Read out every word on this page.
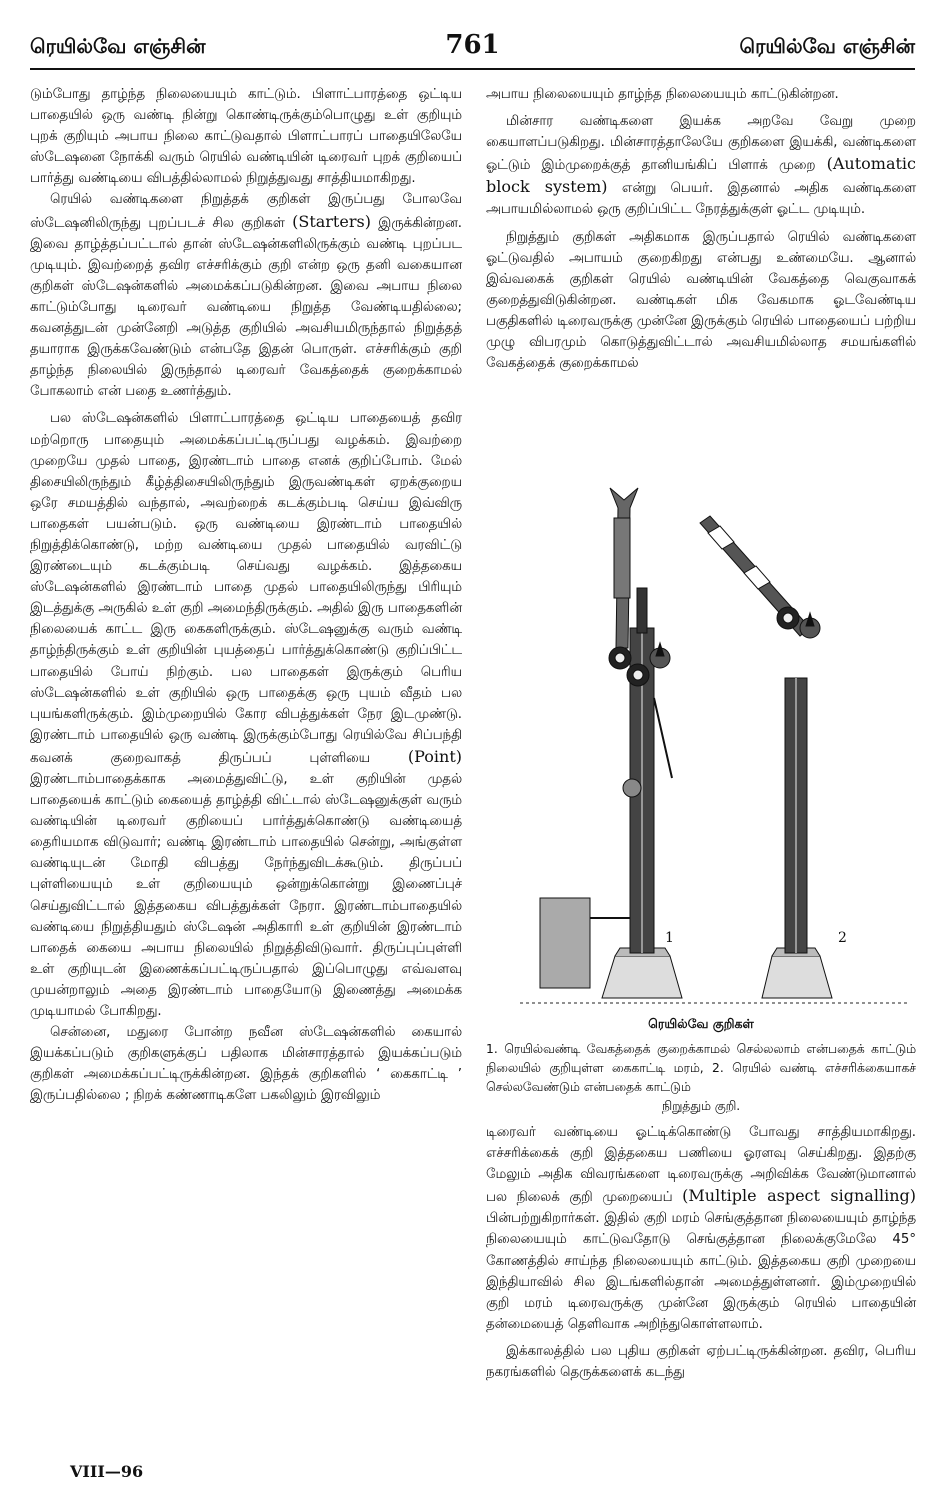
ரெயில்வே எஞ்சின்	761	ரெயில்வே எஞ்சின்

டும்போது தாழ்ந்த நிலையையும் காட்டும். பிளாட்பாரத்தை ஒட்டிய பாதையில் ஒரு வண்டி நின்று கொண்டிருக்கும்பொழுது உள் குறியும் புறக் குறியும் அபாய நிலை காட்டுவதால் பிளாட்பாரப் பாதையிலேயே ஸ்டேஷனை நோக்கி வரும் ரெயில் வண்டியின் டிரைவர் புறக் குறியைப் பார்த்து வண்டியை விபத்தில்லாமல் நிறுத்துவது சாத்தியமாகிறது.

ரெயில் வண்டிகளை நிறுத்தக் குறிகள் இருப்பது போலவே ஸ்டேஷனிலிருந்து புறப்படச் சில குறிகள் (Starters) இருக்கின்றன. இவை தாழ்த்தப்பட்டால் தான் ஸ்டேஷன்களிலிருக்கும் வண்டி புறப்பட முடியும். இவற்றைத் தவிர எச்சரிக்கும் குறி என்ற ஒரு தனி வகையான குறிகள் ஸ்டேஷன்களில் அமைக்கப்படுகின்றன. இவை அபாய நிலை காட்டும்போது டிரைவர் வண்டியை நிறுத்த வேண்டியதில்லை; கவனத்துடன் முன்னேறி அடுத்த குறியில் அவசியமிருந்தால் நிறுத்தத் தயாராக இருக்கவேண்டும் என்பதே இதன் பொருள். எச்சரிக்கும் குறி தாழ்ந்த நிலையில் இருந்தால் டிரைவர் வேகத்தைக் குறைக்காமல் போகலாம் என் பதை உணர்த்தும்.

பல ஸ்டேஷன்களில் பிளாட்பாரத்தை ஒட்டிய பாதையைத் தவிர மற்றொரு பாதையும் அமைக்கப்பட்டிருப்பது வழக்கம். இவற்றை முறையே முதல் பாதை, இரண்டாம் பாதை எனக் குறிப்போம். மேல் திசையிலிருந்தும் கீழ்த்திசையிலிருந்தும் இருவண்டிகள் ஏறக்குறைய ஒரே சமயத்தில் வந்தால், அவற்றைக் கடக்கும்படி செய்ய இவ்விரு பாதைகள் பயன்படும். ஒரு வண்டியை இரண்டாம் பாதையில் நிறுத்திக்கொண்டு, மற்ற வண்டியை முதல் பாதையில் வரவிட்டு இரண்டையும் கடக்கும்படி செய்வது வழக்கம். இத்தகைய ஸ்டேஷன்களில் இரண்டாம் பாதை முதல் பாதையிலிருந்து பிரியும் இடத்துக்கு அருகில் உள் குறி அமைந்திருக்கும். அதில் இரு பாதைகளின் நிலையைக் காட்ட இரு கைகளிருக்கும். ஸ்டேஷனுக்கு வரும் வண்டி தாழ்ந்திருக்கும் உள் குறியின் புயத்தைப் பார்த்துக்கொண்டு குறிப்பிட்ட பாதையில் போய் நிற்கும். பல பாதைகள் இருக்கும் பெரிய ஸ்டேஷன்களில் உள் குறியில் ஒரு பாதைக்கு ஒரு புயம் வீதம் பல புயங்களிருக்கும். இம்முறையில் கோர விபத்துக்கள் நேர இடமுண்டு. இரண்டாம் பாதையில் ஒரு வண்டி இருக்கும்போது ரெயில்வே சிப்பந்தி கவனக் குறைவாகத் திருப்பப் புள்ளியை (Point) இரண்டாம்பாதைக்காக அமைத்துவிட்டு, உள் குறியின் முதல் பாதையைக் காட்டும் கையைத் தாழ்த்தி விட்டால் ஸ்டேஷனுக்குள் வரும் வண்டியின் டிரைவர் குறியைப் பார்த்துக்கொண்டு வண்டியைத் தைரியமாக விடுவார்; வண்டி இரண்டாம் பாதையில் சென்று, அங்குள்ள வண்டியுடன் மோதி விபத்து நேர்ந்துவிடக்கூடும். திருப்பப் புள்ளியையும் உள் குறியையும் ஒன்றுக்கொன்று இணைப்புச் செய்துவிட்டால் இத்தகைய விபத்துக்கள் நேரா. இரண்டாம்பாதையில் வண்டியை நிறுத்தியதும் ஸ்டேஷன் அதிகாரி உள் குறியின் இரண்டாம் பாதைக் கையை அபாய நிலையில் நிறுத்திவிடுவார். திருப்புப்புள்ளி உள் குறியுடன் இணைக்கப்பட்டிருப்பதால் இப்பொழுது எவ்வளவு முயன்றாலும் அதை இரண்டாம் பாதையோடு இணைத்து அமைக்க முடியாமல் போகிறது.

சென்னை, மதுரை போன்ற நவீன ஸ்டேஷன்களில் கையால் இயக்கப்படும் குறிகளுக்குப் பதிலாக மின்சாரத்தால் இயக்கப்படும் குறிகள் அமைக்கப்பட்டிருக்கின்றன. இந்தக் குறிகளில் ‘ கைகாட்டி ’ இருப்பதில்லை ; நிறக் கண்ணாடிகளே பகலிலும் இரவிலும்

அபாய நிலையையும் தாழ்ந்த நிலையையும் காட்டுகின்றன.

மின்சார வண்டிகளை இயக்க அறவே வேறு முறை கையாளப்படுகிறது. மின்சாரத்தாலேயே குறிகளை இயக்கி, வண்டிகளை ஓட்டும் இம்முறைக்குத் தானியங்கிப் பிளாக் முறை (Automatic block system) என்று பெயர். இதனால் அதிக வண்டிகளை அபாயமில்லாமல் ஒரு குறிப்பிட்ட நேரத்துக்குள் ஓட்ட முடியும்.

நிறுத்தும் குறிகள் அதிகமாக இருப்பதால் ரெயில் வண்டிகளை ஓட்டுவதில் அபாயம் குறைகிறது என்பது உண்மையே. ஆனால் இவ்வகைக் குறிகள் ரெயில் வண்டியின் வேகத்தை வெகுவாகக் குறைத்துவிடுகின்றன. வண்டிகள் மிக வேகமாக ஓடவேண்டிய பகுதிகளில் டிரைவருக்கு முன்னே இருக்கும் ரெயில் பாதையைப் பற்றிய முழு விபரமும் கொடுத்துவிட்டால் அவசியமில்லாத சமயங்களில் வேகத்தைக் குறைக்காமல்

1	2
ரெயில்வே குறிகள்
1. ரெயில்வண்டி வேகத்தைக் குறைக்காமல் செல்லலாம் என்பதைக் காட்டும் நிலையில் குறியுள்ள கைகாட்டி மரம், 2. ரெயில் வண்டி எச்சரிக்கையாகச் செல்லவேண்டும் என்பதைக் காட்டும்
நிறுத்தும் குறி.

டிரைவர் வண்டியை ஓட்டிக்கொண்டு போவது சாத்தியமாகிறது. எச்சரிக்கைக் குறி இத்தகைய பணியை ஓரளவு செய்கிறது. இதற்கு மேலும் அதிக விவரங்களை டிரைவருக்கு அறிவிக்க வேண்டுமானால் பல நிலைக் குறி முறையைப் (Multiple aspect signalling) பின்பற்றுகிறார்கள். இதில் குறி மரம் செங்குத்தான நிலையையும் தாழ்ந்த நிலையையும் காட்டுவதோடு செங்குத்தான நிலைக்குமேலே 45° கோணத்தில் சாய்ந்த நிலையையும் காட்டும். இத்தகைய குறி முறையை இந்தியாவில் சில இடங்களில்தான் அமைத்துள்ளனர். இம்முறையில் குறி மரம் டிரைவருக்கு முன்னே இருக்கும் ரெயில் பாதையின் தன்மையைத் தெளிவாக அறிந்துகொள்ளலாம்.

இக்காலத்தில் பல புதிய குறிகள் ஏற்பட்டிருக்கின்றன. தவிர, பெரிய நகரங்களில் தெருக்களைக் கடந்து

VIII—96
